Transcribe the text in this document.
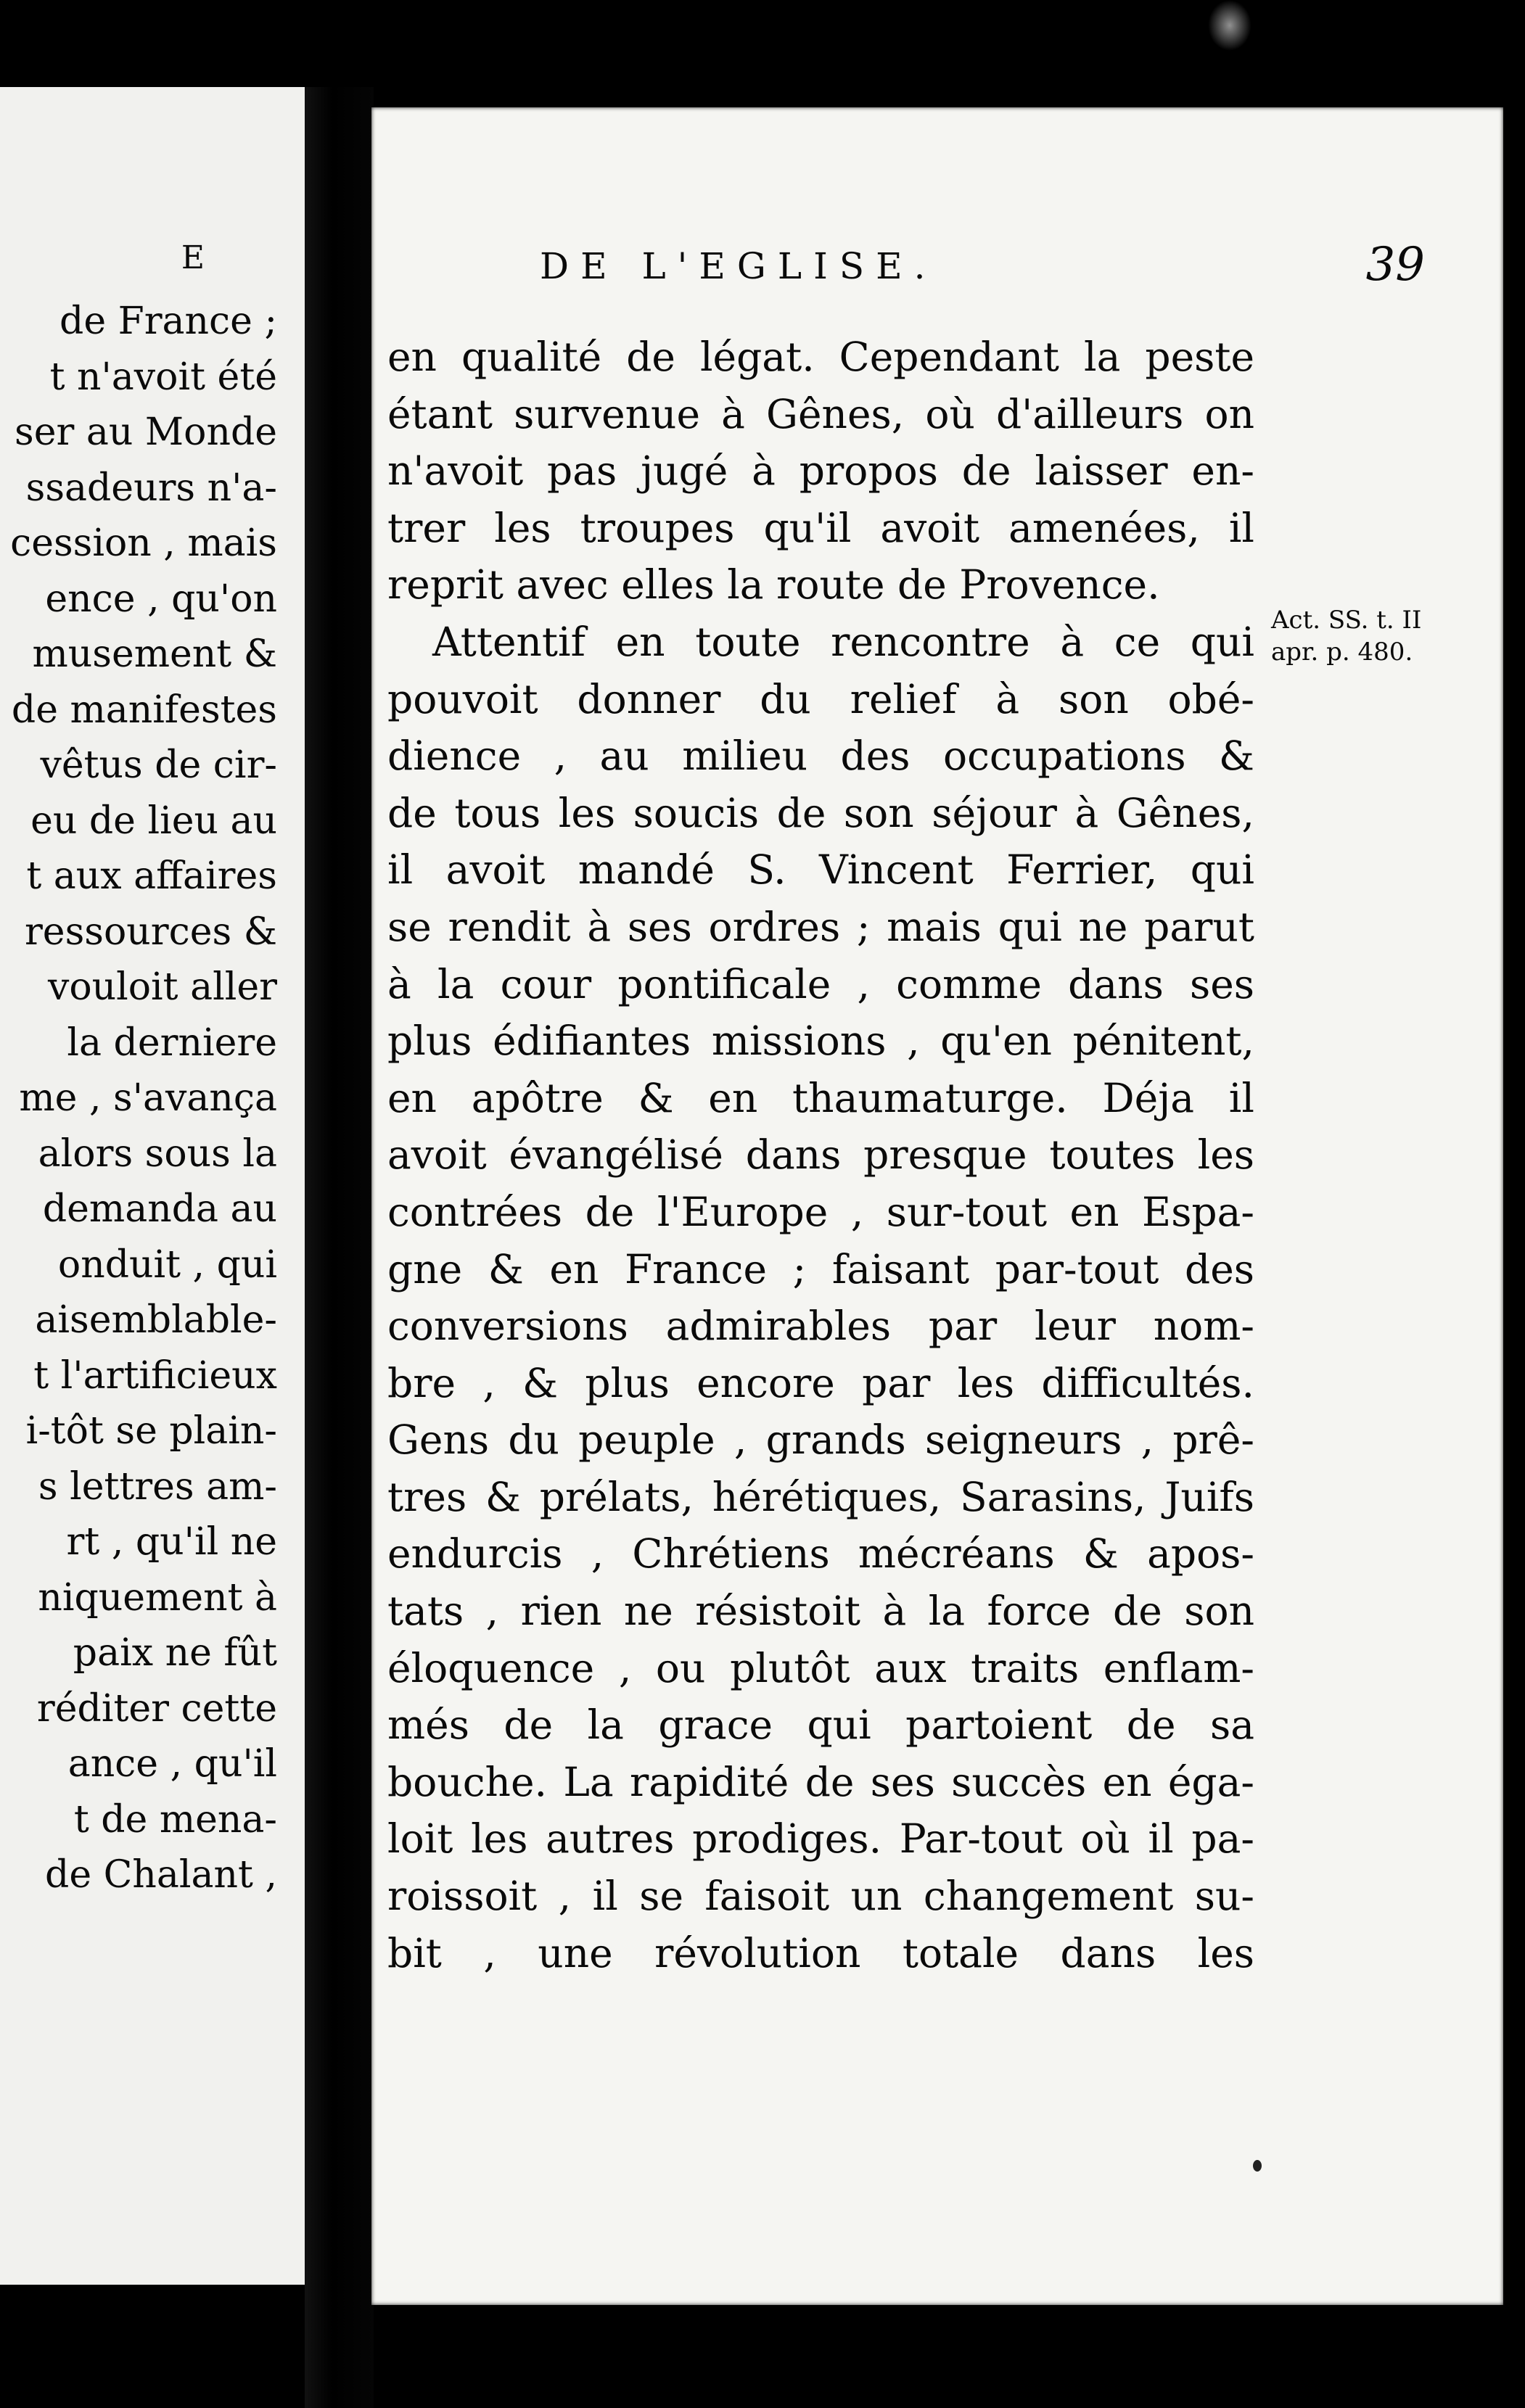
E
de France ;
t n'avoit été
ser au Monde
ssadeurs n'a-
cession , mais
ence , qu'on
musement &
de manifestes
vêtus de cir-
eu de lieu au
t aux affaires
ressources &
vouloit aller
la derniere
me , s'avança
alors sous la
demanda au
onduit , qui
aisemblable-
t l'artificieux
i-tôt se plain-
s lettres am-
rt , qu'il ne
niquement à
paix ne fût
réditer cette
ance , qu'il
t de mena-
de Chalant ,
DE L'EGLISE.	39
en qualité de légat. Cependant la peste
étant survenue à Gênes, où d'ailleurs on
n'avoit pas jugé à propos de laisser en-
trer les troupes qu'il avoit amenées, il
reprit avec elles la route de Provence.
Attentif en toute rencontre à ce qui
pouvoit donner du relief à son obé-
dience , au milieu des occupations &
de tous les soucis de son séjour à Gênes,
il avoit mandé S. Vincent Ferrier, qui
se rendit à ses ordres ; mais qui ne parut
à la cour pontificale , comme dans ses
plus édifiantes missions , qu'en pénitent,
en apôtre & en thaumaturge. Déja il
avoit évangélisé dans presque toutes les
contrées de l'Europe , sur-tout en Espa-
gne & en France ; faisant par-tout des
conversions admirables par leur nom-
bre , & plus encore par les difficultés.
Gens du peuple , grands seigneurs , prê-
tres & prélats, hérétiques, Sarasins, Juifs
endurcis , Chrétiens mécréans & apos-
tats , rien ne résistoit à la force de son
éloquence , ou plutôt aux traits enflam-
més de la grace qui partoient de sa
bouche. La rapidité de ses succès en éga-
loit les autres prodiges. Par-tout où il pa-
roissoit , il se faisoit un changement su-
bit , une révolution totale dans les
Act. SS. t. II
apr. p. 480.
